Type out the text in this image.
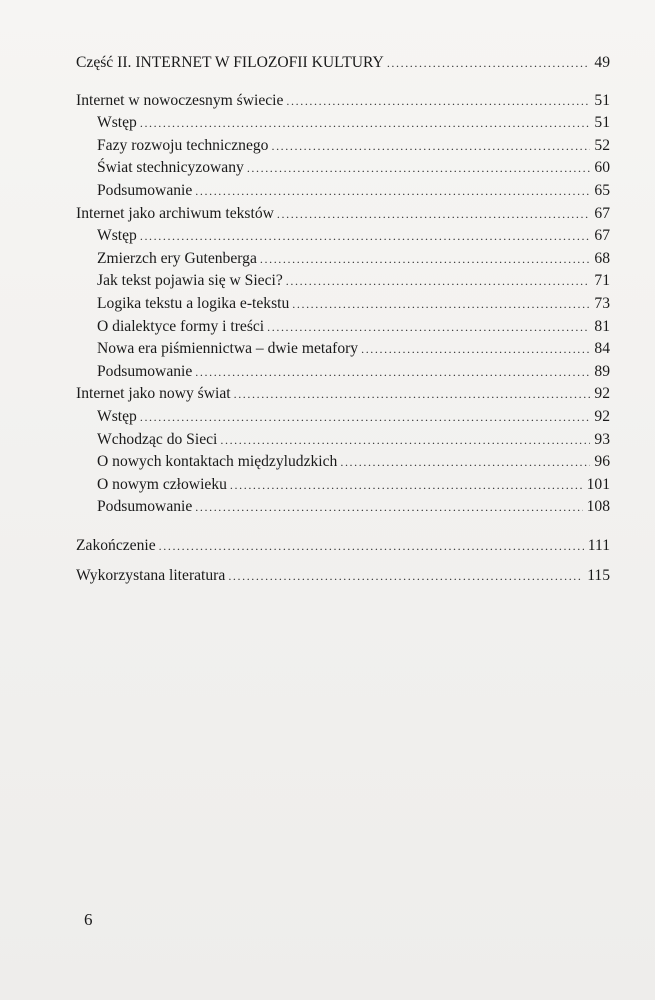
Część II. INTERNET W FILOZOFII KULTURY .....	49
Internet w nowoczesnym świecie .....	51
Wstęp .....	51
Fazy rozwoju technicznego .....	52
Świat stechnicyzowany .....	60
Podsumowanie .....	65
Internet jako archiwum tekstów .....	67
Wstęp .....	67
Zmierzch ery Gutenberga .....	68
Jak tekst pojawia się w Sieci? .....	71
Logika tekstu a logika e-tekstu .....	73
O dialektyce formy i treści .....	81
Nowa era piśmiennictwa – dwie metafory .....	84
Podsumowanie .....	89
Internet jako nowy świat .....	92
Wstęp .....	92
Wchodząc do Sieci .....	93
O nowych kontaktach międzyludzkich .....	96
O nowym człowieku .....	101
Podsumowanie .....	108
Zakończenie .....	111
Wykorzystana literatura .....	115
6
